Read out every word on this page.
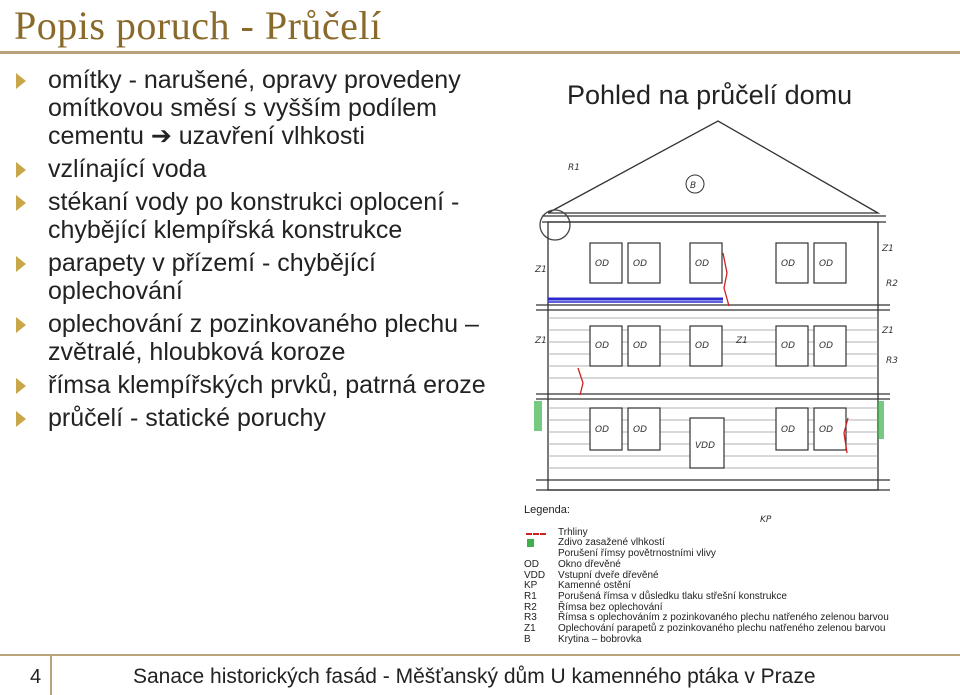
Popis poruch - Průčelí
omítky - narušené, opravy provedeny omítkovou směsí s vyšším podílem cementu ➔ uzavření vlhkosti
vzlínající voda
stékaní vody po konstrukci oplocení - chybějící klempířská konstrukce
parapety v přízemí - chybějící oplechování
oplechování z pozinkovaného plechu – zvětralé, hloubková koroze
římsa klempířských prvků, patrná eroze
průčelí - statické poruchy
Pohled na průčelí domu
R1
B
Z1
Z1
R2
Z1	Z1
Z1
R3
OD	OD	OD	OD	OD
OD	OD	OD	OD	OD
OD	OD	OD	OD
VDD
KP
Legenda:
Trhliny
Zdivo zasažené vlhkostí
Porušení římsy povětrnostními vlivy
OD	Okno dřevěné
VDD	Vstupní dveře dřevěné
KP	Kamenné ostění
R1	Porušená římsa v důsledku tlaku střešní konstrukce
R2	Římsa bez oplechování
R3	Římsa s oplechováním z pozinkovaného plechu natřeného zelenou barvou
Z1	Oplechování parapetů z pozinkovaného plechu natřeného zelenou barvou
B	Krytina – bobrovka
4	Sanace historických fasád - Měšťanský dům U kamenného ptáka v Praze
